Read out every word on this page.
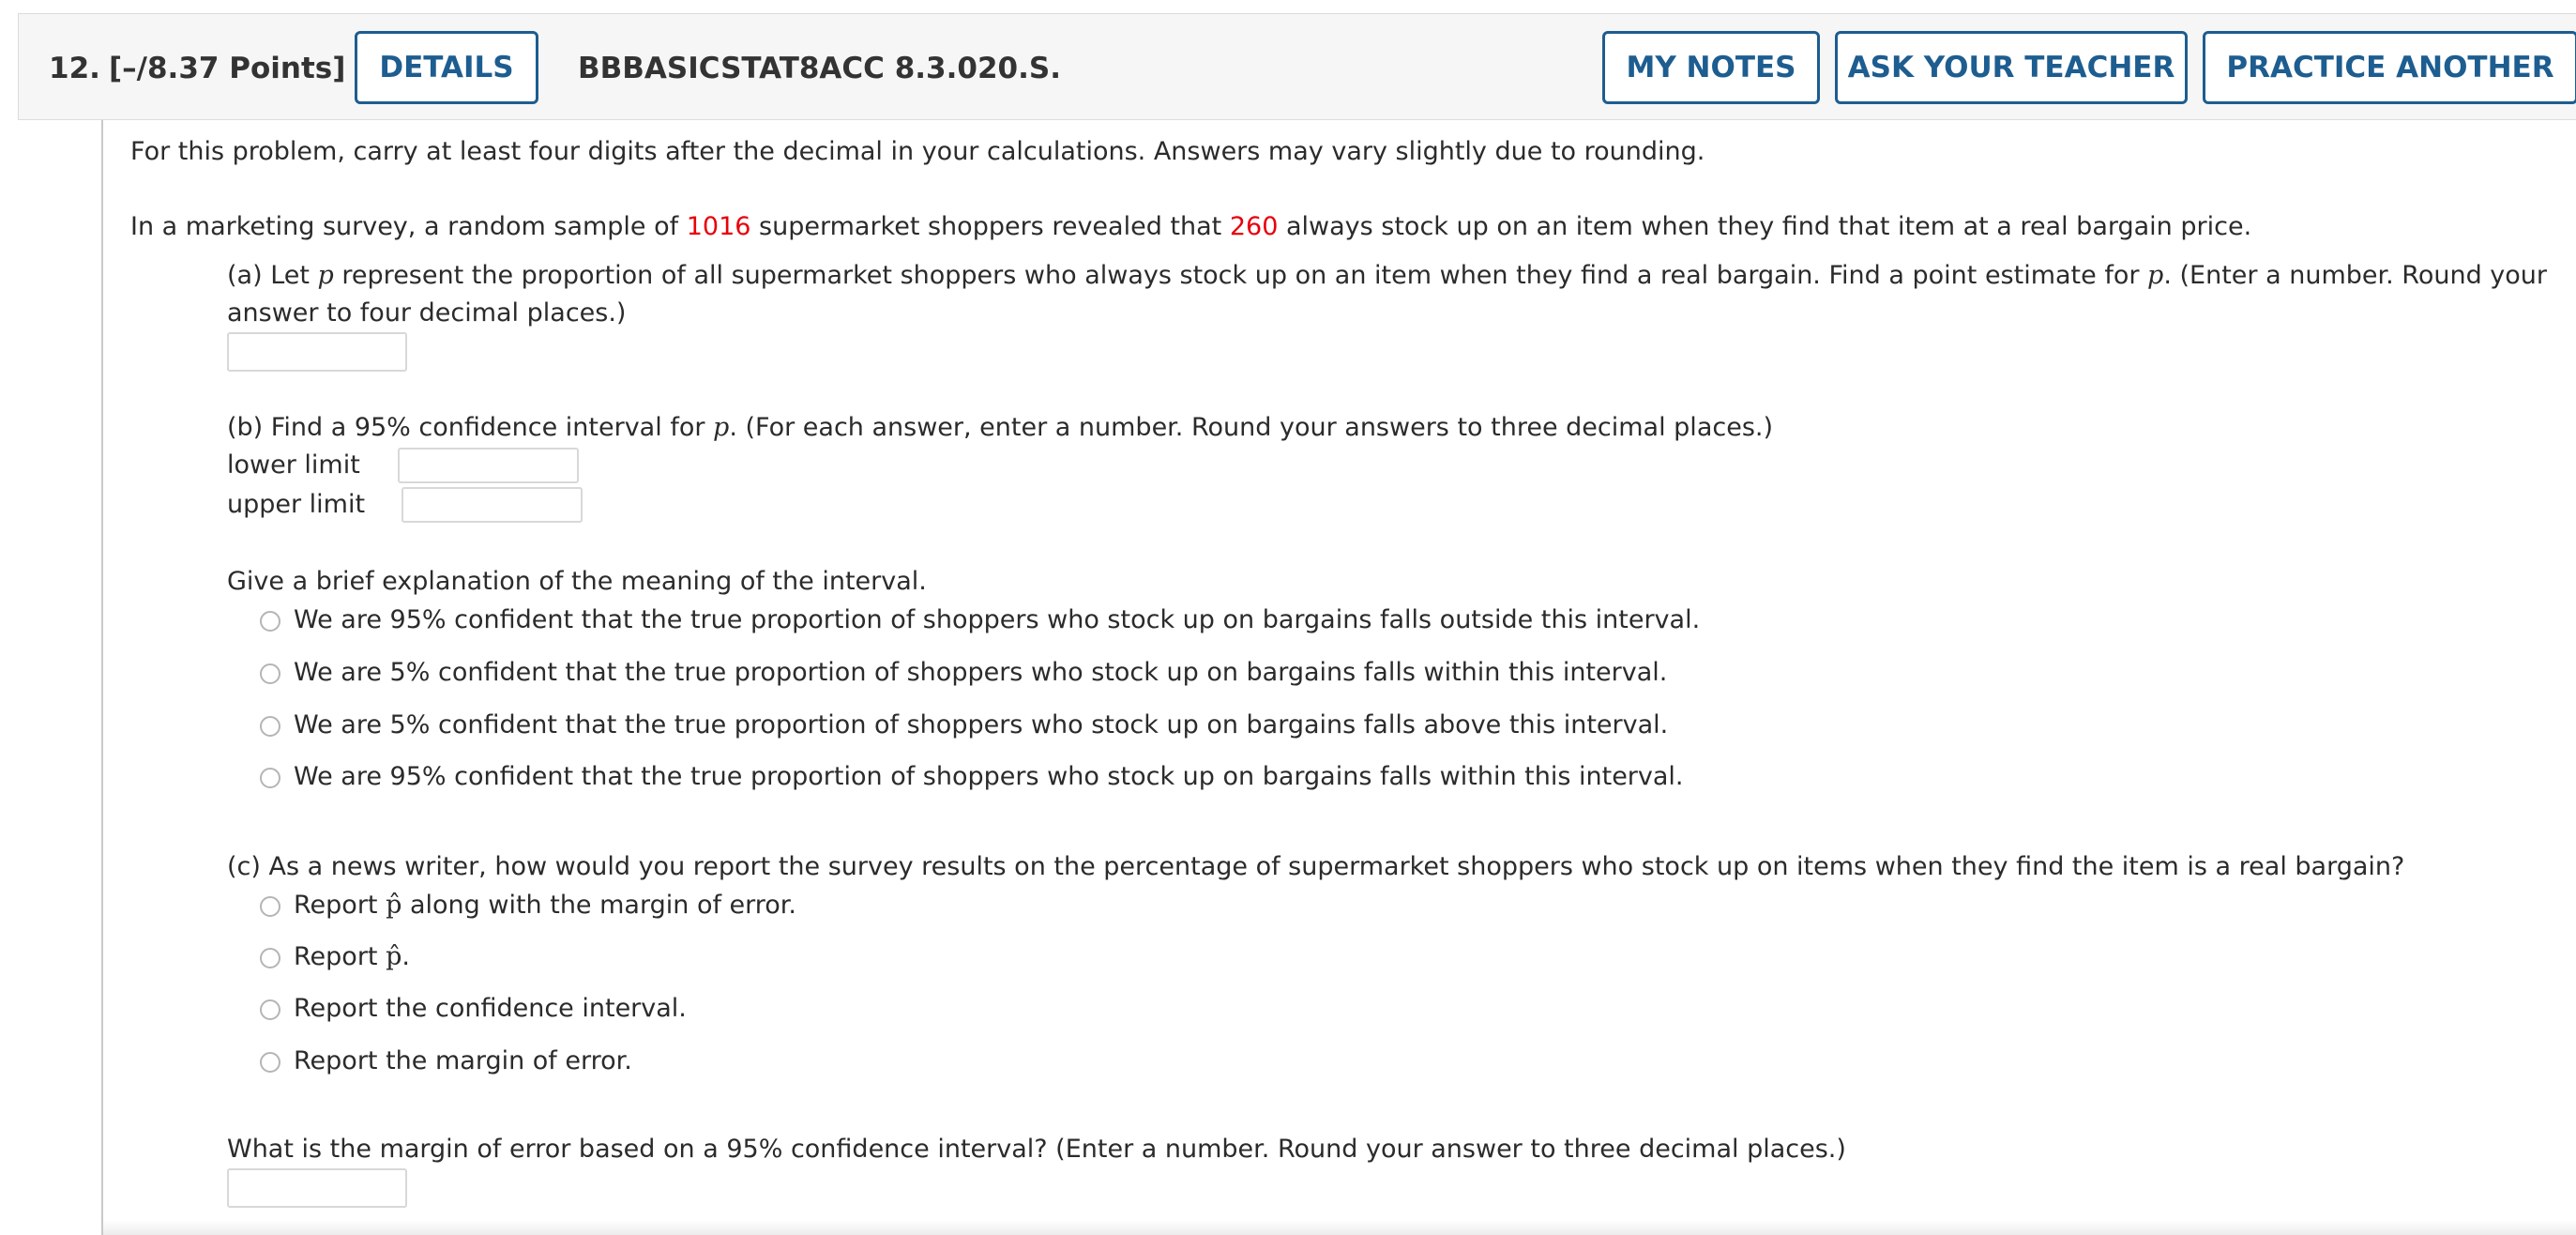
12. [–/8.37 Points]	DETAILS	BBBASICSTAT8ACC 8.3.020.S.	MY NOTES	ASK YOUR TEACHER	PRACTICE ANOTHER
For this problem, carry at least four digits after the decimal in your calculations. Answers may vary slightly due to rounding.
In a marketing survey, a random sample of 1016 supermarket shoppers revealed that 260 always stock up on an item when they find that item at a real bargain price.
(a) Let p represent the proportion of all supermarket shoppers who always stock up on an item when they find a real bargain. Find a point estimate for p. (Enter a number. Round your
answer to four decimal places.)
(b) Find a 95% confidence interval for p. (For each answer, enter a number. Round your answers to three decimal places.)
lower limit
upper limit
Give a brief explanation of the meaning of the interval.
We are 95% confident that the true proportion of shoppers who stock up on bargains falls outside this interval.
We are 5% confident that the true proportion of shoppers who stock up on bargains falls within this interval.
We are 5% confident that the true proportion of shoppers who stock up on bargains falls above this interval.
We are 95% confident that the true proportion of shoppers who stock up on bargains falls within this interval.
(c) As a news writer, how would you report the survey results on the percentage of supermarket shoppers who stock up on items when they find the item is a real bargain?
Report p̂ along with the margin of error.
Report p̂.
Report the confidence interval.
Report the margin of error.
What is the margin of error based on a 95% confidence interval? (Enter a number. Round your answer to three decimal places.)
